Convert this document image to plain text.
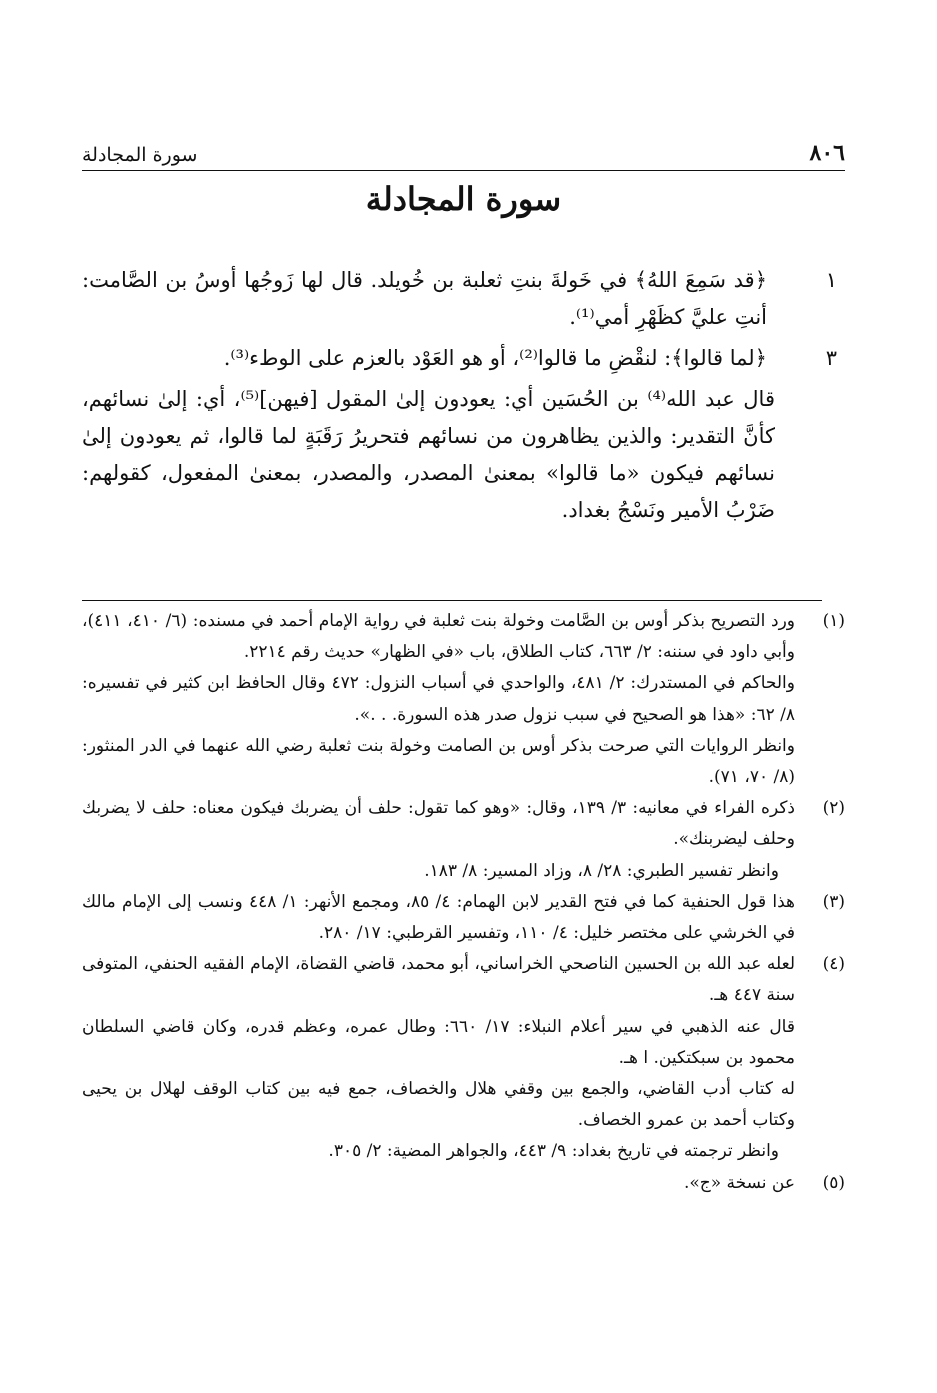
٨٠٦
سورة المجادلة
سورة المجادلة
١
﴿قد سَمِعَ اللهُ﴾ في خَولةَ بنتِ ثعلبة بن خُويلد. قال لها زَوجُها أوسُ بن الصَّامت: أنتِ عليَّ كظَهْرِ أمي⁽¹⁾.
٣
﴿لما قالوا﴾: لنقْضِ ما قالوا⁽²⁾، أو هو العَوْد بالعزم على الوطء⁽³⁾.
قال عبد الله⁽⁴⁾ بن الحُسَين أي: يعودون إلىٰ المقول [فيهن]⁽⁵⁾، أي: إلىٰ نسائهم، كأنَّ التقدير: والذين يظاهرون من نسائهم فتحريرُ رَقَبَةٍ لما قالوا، ثم يعودون إلىٰ نسائهم فيكون «ما قالوا» بمعنىٰ المصدر، والمصدر، بمعنىٰ المفعول، كقولهم: ضَرْبُ الأمير ونَسْجُ بغداد.
(١)
ورد التصريح بذكر أوس بن الصَّامت وخولة بنت ثعلبة في رواية الإمام أحمد في مسنده: (٦/ ٤١٠، ٤١١)، وأبي داود في سننه: ٢/ ٦٦٣، كتاب الطلاق، باب «في الظهار» حديث رقم ٢٢١٤.
والحاكم في المستدرك: ٢/ ٤٨١، والواحدي في أسباب النزول: ٤٧٢ وقال الحافظ ابن كثير في تفسيره: ٨/ ٦٢: «هذا هو الصحيح في سبب نزول صدر هذه السورة. . .».
وانظر الروايات التي صرحت بذكر أوس بن الصامت وخولة بنت ثعلبة رضي الله عنهما في الدر المنثور: (٨/ ٧٠، ٧١).
(٢)
ذكره الفراء في معانيه: ٣/ ١٣٩، وقال: «وهو كما تقول: حلف أن يضربك فيكون معناه: حلف لا يضربك وحلف ليضربنك».
وانظر تفسير الطبري: ٢٨/ ٨، وزاد المسير: ٨/ ١٨٣.
(٣)
هذا قول الحنفية كما في فتح القدير لابن الهمام: ٤/ ٨٥، ومجمع الأنهر: ١/ ٤٤٨ ونسب إلى الإمام مالك في الخرشي على مختصر خليل: ٤/ ١١٠، وتفسير القرطبي: ١٧/ ٢٨٠.
(٤)
لعله عبد الله بن الحسين الناصحي الخراساني، أبو محمد، قاضي القضاة، الإمام الفقيه الحنفي، المتوفى سنة ٤٤٧ هـ.
قال عنه الذهبي في سير أعلام النبلاء: ١٧/ ٦٦٠: وطال عمره، وعظم قدره، وكان قاضي السلطان محمود بن سبكتكين. ا هـ.
له كتاب أدب القاضي، والجمع بين وقفي هلال والخصاف، جمع فيه بين كتاب الوقف لهلال بن يحيى وكتاب أحمد بن عمرو الخصاف.
وانظر ترجمته في تاريخ بغداد: ٩/ ٤٤٣، والجواهر المضية: ٢/ ٣٠٥.
(٥)
عن نسخة «ج».
